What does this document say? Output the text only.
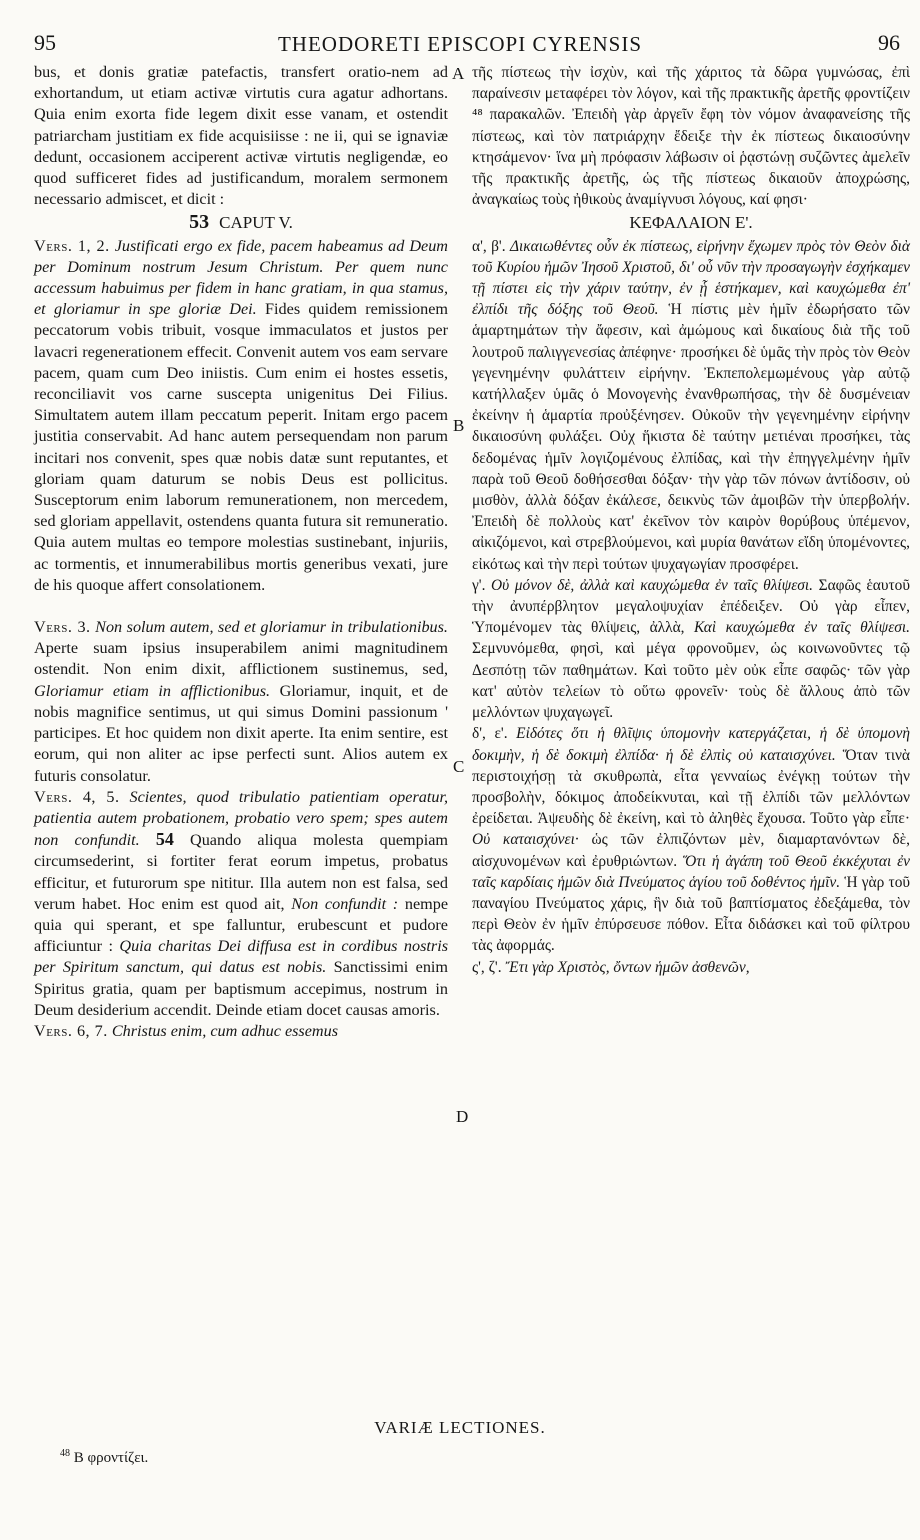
95	THEODORETI EPISCOPI CYRENSIS	96
A
B
C
D

bus, et donis gratiæ patefactis, transfert oratio-nem ad exhortandum, ut etiam activæ virtutis cura agatur adhortans. Quia enim exorta fide legem dixit esse vanam, et ostendit patriarcham justitiam ex fide acquisiisse : ne ii, qui se ignaviæ dedunt, occasionem acciperent activæ virtutis negligendæ, eo quod sufficeret fides ad justificandum, moralem sermonem necessario admiscet, et dicit :

53 CAPUT V.

Vers. 1, 2. Justificati ergo ex fide, pacem habeamus ad Deum per Dominum nostrum Jesum Christum. Per quem nunc accessum habuimus per fidem in hanc gratiam, in qua stamus, et gloriamur in spe gloriæ Dei. Fides quidem remissionem peccatorum vobis tribuit, vosque immaculatos et justos per lavacri regenerationem effecit. Convenit autem vos eam servare pacem, quam cum Deo iniistis. Cum enim ei hostes essetis, reconciliavit vos carne suscepta unigenitus Dei Filius. Simultatem autem illam peccatum peperit. Initam ergo pacem justitia conservabit. Ad hanc autem persequendam non parum incitari nos convenit, spes quæ nobis datæ sunt reputantes, et gloriam quam daturum se nobis Deus est pollicitus. Susceptorum enim laborum remunerationem, non mercedem, sed gloriam appellavit, ostendens quanta futura sit remuneratio. Quia autem multas eo tempore molestias sustinebant, injuriis, ac tormentis, et innumerabilibus mortis generibus vexati, jure de his quoque affert consolationem.

Vers. 3. Non solum autem, sed et gloriamur in tribulationibus. Aperte suam ipsius insuperabilem animi magnitudinem ostendit. Non enim dixit, afflictionem sustinemus, sed, Gloriamur etiam in afflictionibus. Gloriamur, inquit, et de nobis magnifice sentimus, ut qui simus Domini passionum ' participes. Et hoc quidem non dixit aperte. Ita enim sentire, est eorum, qui non aliter ac ipse perfecti sunt. Alios autem ex futuris consolatur.

Vers. 4, 5. Scientes, quod tribulatio patientiam operatur, patientia autem probationem, probatio vero spem; spes autem non confundit. 54 Quando aliqua molesta quempiam circumsederint, si fortiter ferat eorum impetus, probatus efficitur, et futurorum spe nititur. Illa autem non est falsa, sed verum habet. Hoc enim est quod ait, Non confundit : nempe quia qui sperant, et spe falluntur, erubescunt et pudore afficiuntur : Quia charitas Dei diffusa est in cordibus nostris per Spiritum sanctum, qui datus est nobis. Sanctissimi enim Spiritus gratia, quam per baptismum accepimus, nostrum in Deum desiderium accendit. Deinde etiam docet causas amoris.

Vers. 6, 7. Christus enim, cum adhuc essemus

τῆς πίστεως τὴν ἰσχὺν, καὶ τῆς χάριτος τὰ δῶρα γυμνώσας, ἐπὶ παραίνεσιν μεταφέρει τὸν λόγον, καὶ τῆς πρακτικῆς ἀρετῆς φροντίζειν ⁴⁸ παρακαλῶν. Ἐπειδὴ γὰρ ἀργεῖν ἔφη τὸν νόμον ἀναφανείσης τῆς πίστεως, καὶ τὸν πατριάρχην ἔδειξε τὴν ἐκ πίστεως δικαιοσύνην κτησάμενον· ἵνα μὴ πρόφασιν λάβωσιν οἱ ῥᾳστώνῃ συζῶντες ἀμελεῖν τῆς πρακτικῆς ἀρετῆς, ὡς τῆς πίστεως δικαιοῦν ἀποχρώσης, ἀναγκαίως τοὺς ἠθικοὺς ἀναμίγνυσι λόγους, καί φησι·

ΚΕΦΑΛΑΙΟΝ Ε'.

α', β'. Δικαιωθέντες οὖν ἐκ πίστεως, εἰρήνην ἔχωμεν πρὸς τὸν Θεὸν διὰ τοῦ Κυρίου ἡμῶν Ἰησοῦ Χριστοῦ, δι' οὗ νῦν τὴν προσαγωγὴν ἐσχήκαμεν τῇ πίστει εἰς τὴν χάριν ταύτην, ἐν ᾗ ἑστήκαμεν, καὶ καυχώμεθα ἐπ' ἐλπίδι τῆς δόξης τοῦ Θεοῦ. Ἡ πίστις μὲν ἡμῖν ἐδωρήσατο τῶν ἁμαρτημάτων τὴν ἄφεσιν, καὶ ἀμώμους καὶ δικαίους διὰ τῆς τοῦ λουτροῦ παλιγγενεσίας ἀπέφηνε· προσήκει δὲ ὑμᾶς τὴν πρὸς τὸν Θεὸν γεγενημένην φυλάττειν εἰρήνην. Ἐκπεπολεμωμένους γὰρ αὐτῷ κατήλλαξεν ὑμᾶς ὁ Μονογενὴς ἐνανθρωπήσας, τὴν δὲ δυσμένειαν ἐκείνην ἡ ἁμαρτία προὐξένησεν. Οὐκοῦν τὴν γεγενημένην εἰρήνην δικαιοσύνη φυλάξει. Οὐχ ἥκιστα δὲ ταύτην μετιέναι προσήκει, τὰς δεδομένας ἡμῖν λογιζομένους ἐλπίδας, καὶ τὴν ἐπηγγελμένην ἡμῖν παρὰ τοῦ Θεοῦ δοθήσεσθαι δόξαν· τὴν γὰρ τῶν πόνων ἀντίδοσιν, οὐ μισθὸν, ἀλλὰ δόξαν ἐκάλεσε, δεικνὺς τῶν ἀμοιβῶν τὴν ὑπερβολήν. Ἐπειδὴ δὲ πολλοὺς κατ' ἐκεῖνον τὸν καιρὸν θορύβους ὑπέμενον, αἰκιζόμενοι, καὶ στρεβλούμενοι, καὶ μυρία θανάτων εἴδη ὑπομένοντες, εἰκότως καὶ τὴν περὶ τούτων ψυχαγωγίαν προσφέρει.

γ'. Οὐ μόνον δὲ, ἀλλὰ καὶ καυχώμεθα ἐν ταῖς θλίψεσι. Σαφῶς ἑαυτοῦ τὴν ἀνυπέρβλητον μεγαλοψυχίαν ἐπέδειξεν. Οὐ γὰρ εἶπεν, Ὑπομένομεν τὰς θλίψεις, ἀλλὰ, Καὶ καυχώμεθα ἐν ταῖς θλίψεσι. Σεμνυνόμεθα, φησὶ, καὶ μέγα φρονοῦμεν, ὡς κοινωνοῦντες τῷ Δεσπότῃ τῶν παθημάτων. Καὶ τοῦτο μὲν οὐκ εἶπε σαφῶς· τῶν γὰρ κατ' αὐτὸν τελείων τὸ οὕτω φρονεῖν· τοὺς δὲ ἄλλους ἀπὸ τῶν μελλόντων ψυχαγωγεῖ.

δ', ε'. Εἰδότες ὅτι ἡ θλῖψις ὑπομονὴν κατεργάζεται, ἡ δὲ ὑπομονὴ δοκιμὴν, ἡ δὲ δοκιμὴ ἐλπίδα· ἡ δὲ ἐλπὶς οὐ καταισχύνει. Ὅταν τινὰ περιστοιχήσῃ τὰ σκυθρωπὰ, εἶτα γενναίως ἐνέγκῃ τούτων τὴν προσβολὴν, δόκιμος ἀποδείκνυται, καὶ τῇ ἐλπίδι τῶν μελλόντων ἐρείδεται. Ἀψευδὴς δὲ ἐκείνη, καὶ τὸ ἀληθὲς ἔχουσα. Τοῦτο γὰρ εἶπε· Οὐ καταισχύνει· ὡς τῶν ἐλπιζόντων μὲν, διαμαρτανόντων δὲ, αἰσχυνομένων καὶ ἐρυθριώντων. Ὅτι ἡ ἀγάπη τοῦ Θεοῦ ἐκκέχυται ἐν ταῖς καρδίαις ἡμῶν διὰ Πνεύματος ἁγίου τοῦ δοθέντος ἡμῖν. Ἡ γὰρ τοῦ παναγίου Πνεύματος χάρις, ἣν διὰ τοῦ βαπτίσματος ἐδεξάμεθα, τὸν περὶ Θεὸν ἐν ἡμῖν ἐπύρσευσε πόθον. Εἶτα διδάσκει καὶ τοῦ φίλτρου τὰς ἀφορμάς.

ς', ζ'. Ἔτι γὰρ Χριστὸς, ὄντων ἡμῶν ἀσθενῶν,

VARIÆ LECTIONES.
$^{48}$ B φροντίζει.
